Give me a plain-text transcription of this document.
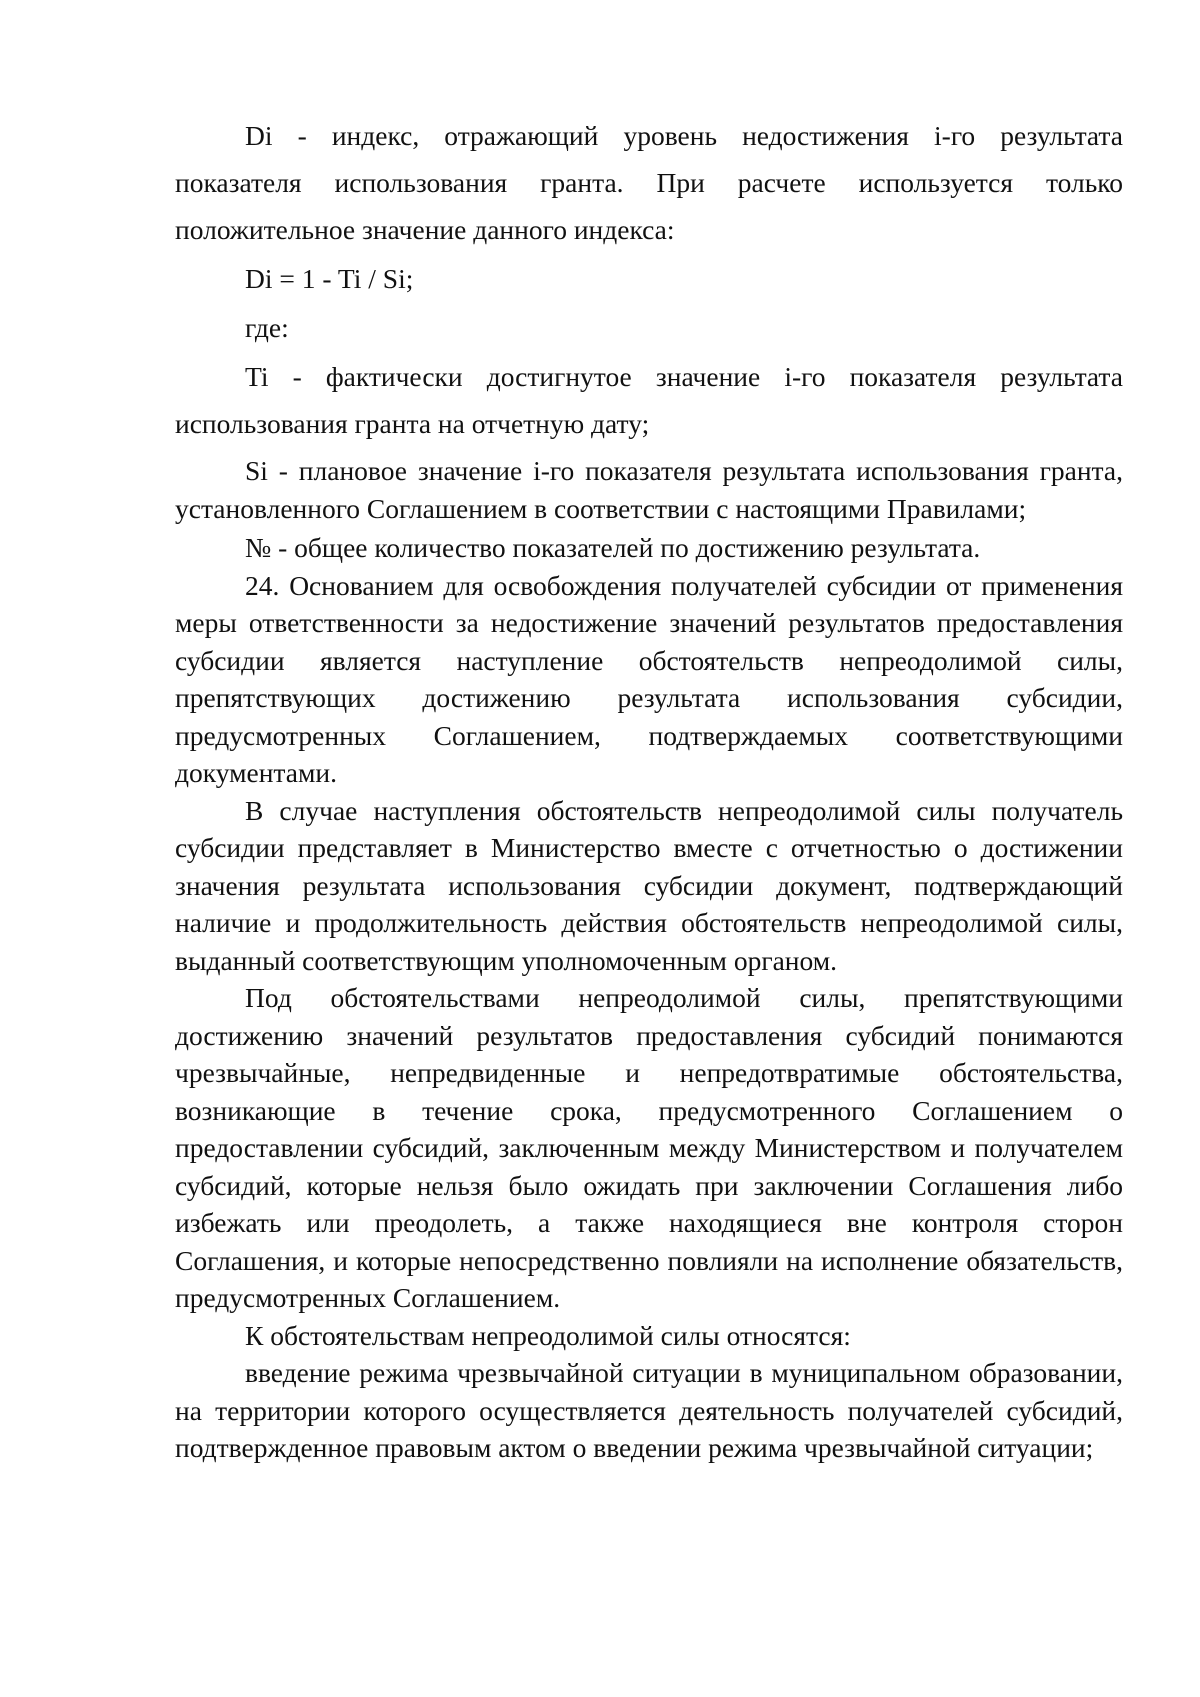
Di - индекс, отражающий уровень недостижения i-го результата показателя использования гранта. При расчете используется только положительное значение данного индекса:

Di = 1 - Ti / Si;

где:

Ti - фактически достигнутое значение i-го показателя результата использования гранта на отчетную дату;

Si - плановое значение i-го показателя результата использования гранта, установленного Соглашением в соответствии с настоящими Правилами;

№ - общее количество показателей по достижению результата.

24. Основанием для освобождения получателей субсидии от применения меры ответственности за недостижение значений результатов предоставления субсидии является наступление обстоятельств непреодолимой силы, препятствующих достижению результата использования субсидии, предусмотренных Соглашением, подтверждаемых соответствующими документами.

В случае наступления обстоятельств непреодолимой силы получатель субсидии представляет в Министерство вместе с отчетностью о достижении значения результата использования субсидии документ, подтверждающий наличие и продолжительность действия обстоятельств непреодолимой силы, выданный соответствующим уполномоченным органом.

Под обстоятельствами непреодолимой силы, препятствующими достижению значений результатов предоставления субсидий понимаются чрезвычайные, непредвиденные и непредотвратимые обстоятельства, возникающие в течение срока, предусмотренного Соглашением о предоставлении субсидий, заключенным между Министерством и получателем субсидий, которые нельзя было ожидать при заключении Соглашения либо избежать или преодолеть, а также находящиеся вне контроля сторон Соглашения, и которые непосредственно повлияли на исполнение обязательств, предусмотренных Соглашением.

К обстоятельствам непреодолимой силы относятся:

введение режима чрезвычайной ситуации в муниципальном образовании, на территории которого осуществляется деятельность получателей субсидий, подтвержденное правовым актом о введении режима чрезвычайной ситуации;
